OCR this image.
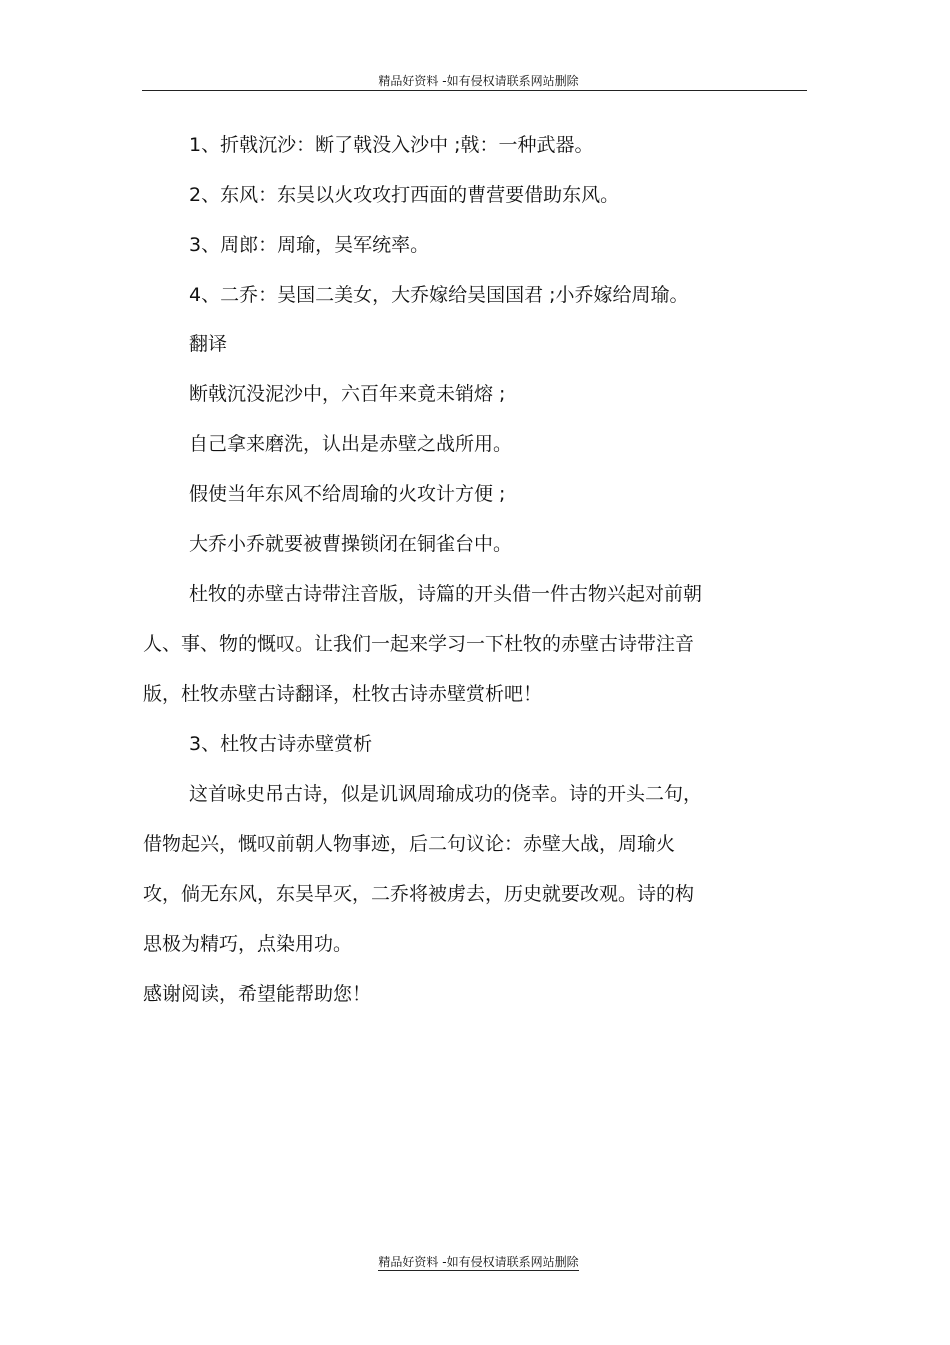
精品好资料 -如有侵权请联系网站删除
1、折戟沉沙：断了戟没入沙中 ;戟：一种武器。
2、东风：东吴以火攻攻打西面的曹营要借助东风。
3、周郎：周瑜，吴军统率。
4、二乔：吴国二美女，大乔嫁给吴国国君 ;小乔嫁给周瑜。
翻译
断戟沉没泥沙中，六百年来竟未销熔 ;
自己拿来磨洗，认出是赤壁之战所用。
假使当年东风不给周瑜的火攻计方便 ;
大乔小乔就要被曹操锁闭在铜雀台中。
杜牧的赤壁古诗带注音版，诗篇的开头借一件古物兴起对前朝
人、事、物的慨叹。让我们一起来学习一下杜牧的赤壁古诗带注音
版，杜牧赤壁古诗翻译，杜牧古诗赤壁赏析吧！
3、杜牧古诗赤壁赏析
这首咏史吊古诗，似是讥讽周瑜成功的侥幸。诗的开头二句，
借物起兴，慨叹前朝人物事迹，后二句议论：赤壁大战，周瑜火
攻，倘无东风，东吴早灭，二乔将被虏去，历史就要改观。诗的构
思极为精巧，点染用功。
感谢阅读，希望能帮助您！
精品好资料 -如有侵权请联系网站删除
